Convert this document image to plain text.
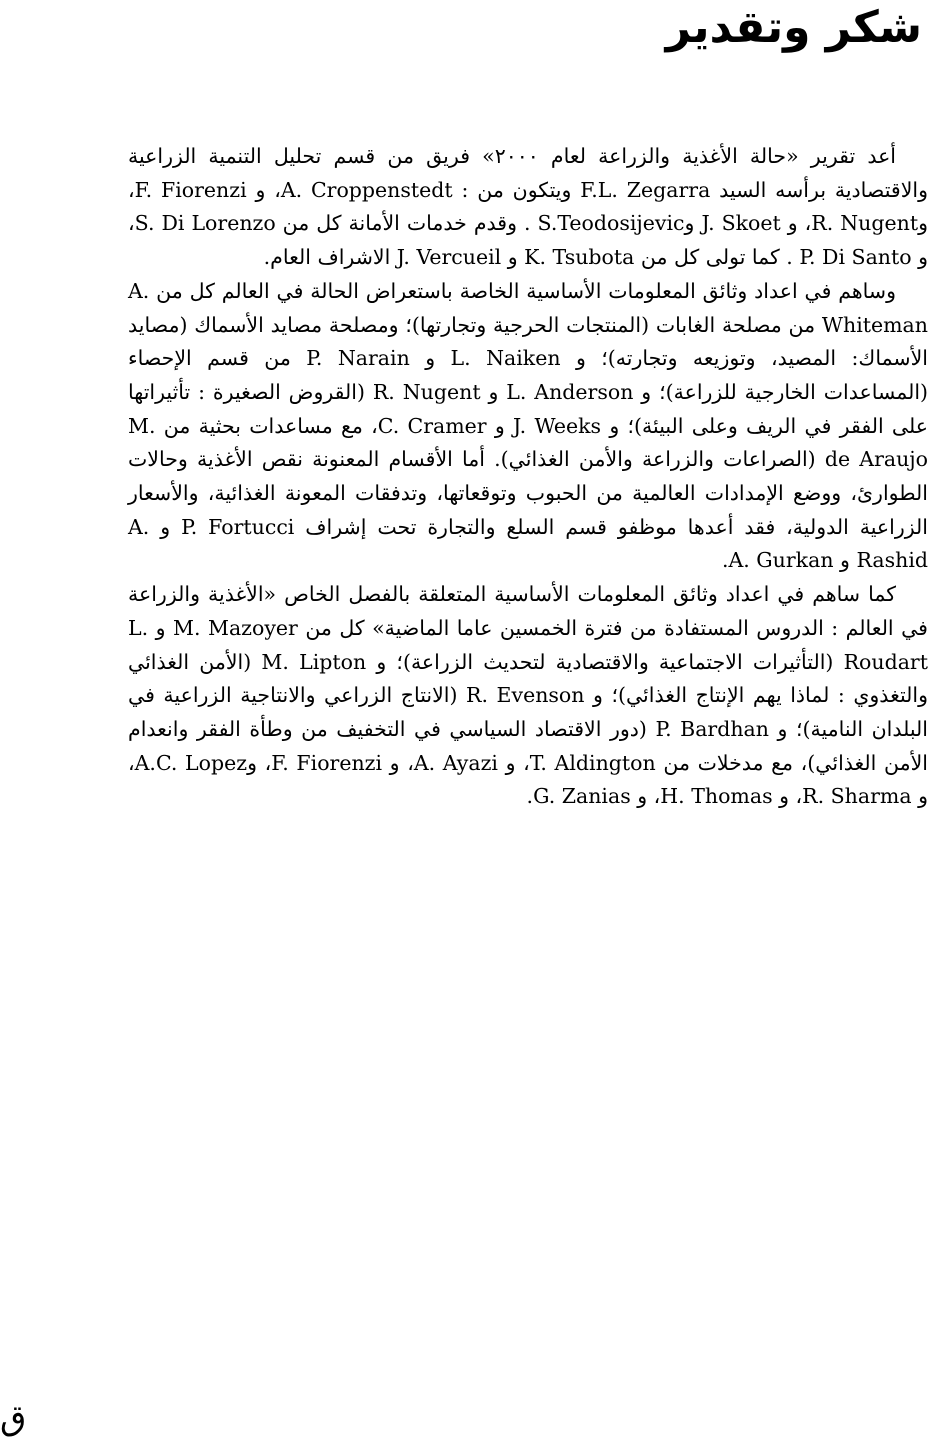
شكر وتقدير

أعد تقرير «حالة الأغذية والزراعة لعام ٢٠٠٠» فريق من قسم تحليل التنمية الزراعية والاقتصادية برأسه السيد F.L. Zegarra ويتكون من : A. Croppenstedt، و F. Fiorenzi، وR. Nugent، و J. Skoet وS.Teodosijevic . وقدم خدمات الأمانة كل من S. Di Lorenzo، و P. Di Santo . كما تولى كل من K. Tsubota و J. Vercueil الاشراف العام.

وساهم في اعداد وثائق المعلومات الأساسية الخاصة باستعراض الحالة في العالم كل من A. Whiteman من مصلحة الغابات (المنتجات الحرجية وتجارتها)؛ ومصلحة مصايد الأسماك (مصايد الأسماك: المصيد، وتوزيعه وتجارته)؛ و L. Naiken و P. Narain من قسم الإحصاء (المساعدات الخارجية للزراعة)؛ و L. Anderson و R. Nugent (القروض الصغيرة : تأثيراتها على الفقر في الريف وعلى البيئة)؛ و J. Weeks و C. Cramer، مع مساعدات بحثية من M. de Araujo (الصراعات والزراعة والأمن الغذائي). أما الأقسام المعنونة نقص الأغذية وحالات الطوارئ، ووضع الإمدادات العالمية من الحبوب وتوقعاتها، وتدفقات المعونة الغذائية، والأسعار الزراعية الدولية، فقد أعدها موظفو قسم السلع والتجارة تحت إشراف P. Fortucci و A. Rashid و A. Gurkan.

كما ساهم في اعداد وثائق المعلومات الأساسية المتعلقة بالفصل الخاص «الأغذية والزراعة في العالم : الدروس المستفادة من فترة الخمسين عاما الماضية» كل من M. Mazoyer و L. Roudart (التأثيرات الاجتماعية والاقتصادية لتحديث الزراعة)؛ و M. Lipton (الأمن الغذائي والتغذوي : لماذا يهم الإنتاج الغذائي)؛ و R. Evenson (الانتاج الزراعي والانتاجية الزراعية في البلدان النامية)؛ و P. Bardhan (دور الاقتصاد السياسي في التخفيف من وطأة الفقر وانعدام الأمن الغذائي)، مع مدخلات من T. Aldington، و A. Ayazi، و F. Fiorenzi، وA.C. Lopez، و R. Sharma، و H. Thomas، و G. Zanias.

ق
